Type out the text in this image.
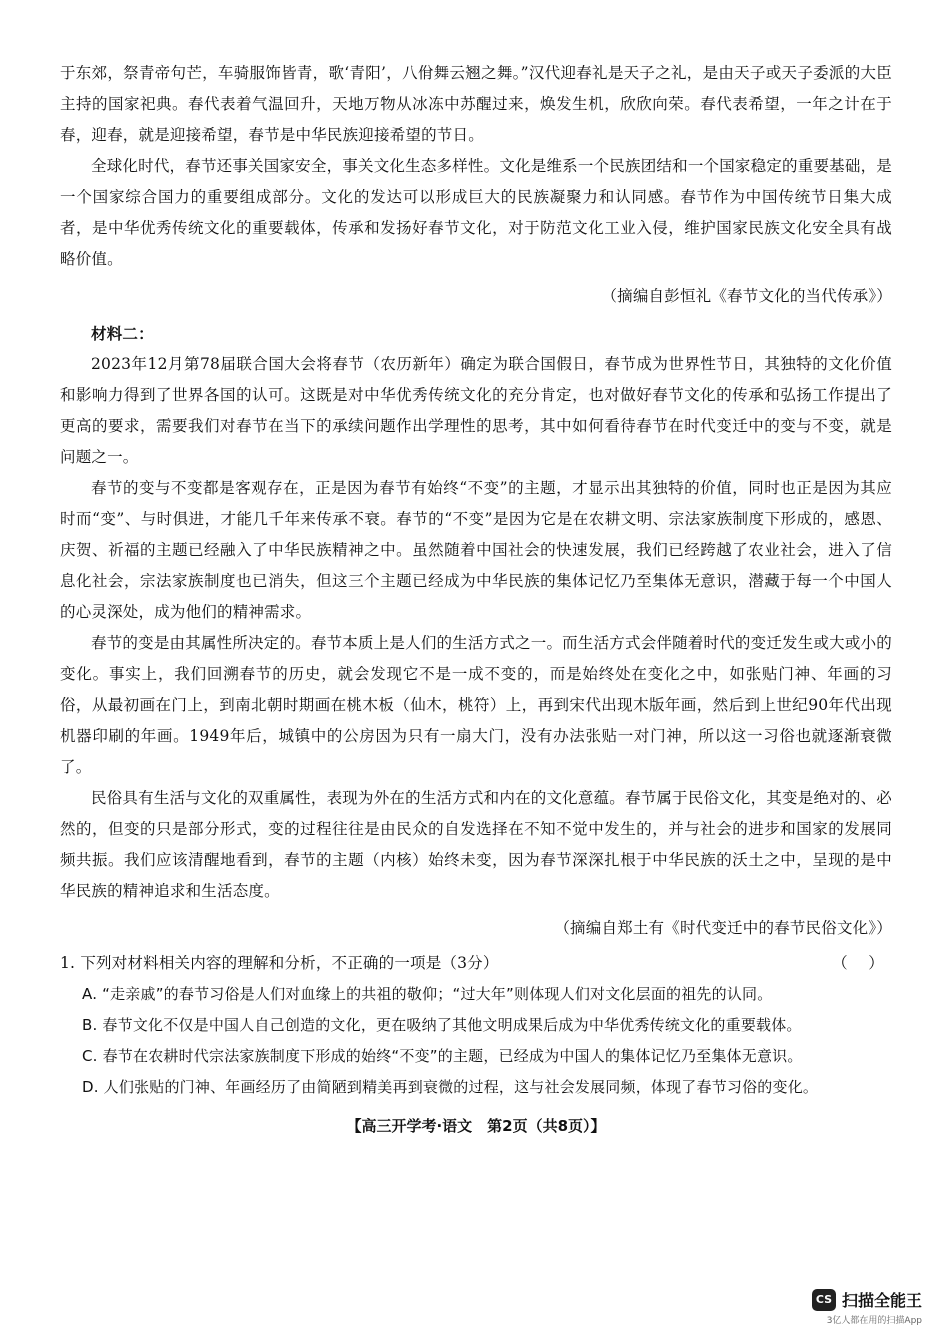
于东郊，祭青帝句芒，车骑服饰皆青，歌‘青阳’，八佾舞云翘之舞。”汉代迎春礼是天子之礼，是由天子或天子委派的大臣主持的国家祀典。春代表着气温回升，天地万物从冰冻中苏醒过来，焕发生机，欣欣向荣。春代表希望，一年之计在于春，迎春，就是迎接希望，春节是中华民族迎接希望的节日。

全球化时代，春节还事关国家安全，事关文化生态多样性。文化是维系一个民族团结和一个国家稳定的重要基础，是一个国家综合国力的重要组成部分。文化的发达可以形成巨大的民族凝聚力和认同感。春节作为中国传统节日集大成者，是中华优秀传统文化的重要载体，传承和发扬好春节文化，对于防范文化工业入侵，维护国家民族文化安全具有战略价值。

（摘编自彭恒礼《春节文化的当代传承》）

材料二：

2023年12月第78届联合国大会将春节（农历新年）确定为联合国假日，春节成为世界性节日，其独特的文化价值和影响力得到了世界各国的认可。这既是对中华优秀传统文化的充分肯定，也对做好春节文化的传承和弘扬工作提出了更高的要求，需要我们对春节在当下的承续问题作出学理性的思考，其中如何看待春节在时代变迁中的变与不变，就是问题之一。

春节的变与不变都是客观存在，正是因为春节有始终“不变”的主题，才显示出其独特的价值，同时也正是因为其应时而“变”、与时俱进，才能几千年来传承不衰。春节的“不变”是因为它是在农耕文明、宗法家族制度下形成的，感恩、庆贺、祈福的主题已经融入了中华民族精神之中。虽然随着中国社会的快速发展，我们已经跨越了农业社会，进入了信息化社会，宗法家族制度也已消失，但这三个主题已经成为中华民族的集体记忆乃至集体无意识，潜藏于每一个中国人的心灵深处，成为他们的精神需求。

春节的变是由其属性所决定的。春节本质上是人们的生活方式之一。而生活方式会伴随着时代的变迁发生或大或小的变化。事实上，我们回溯春节的历史，就会发现它不是一成不变的，而是始终处在变化之中，如张贴门神、年画的习俗，从最初画在门上，到南北朝时期画在桃木板（仙木，桃符）上，再到宋代出现木版年画，然后到上世纪90年代出现机器印刷的年画。1949年后，城镇中的公房因为只有一扇大门，没有办法张贴一对门神，所以这一习俗也就逐渐衰微了。

民俗具有生活与文化的双重属性，表现为外在的生活方式和内在的文化意蕴。春节属于民俗文化，其变是绝对的、必然的，但变的只是部分形式，变的过程往往是由民众的自发选择在不知不觉中发生的，并与社会的进步和国家的发展同频共振。我们应该清醒地看到，春节的主题（内核）始终未变，因为春节深深扎根于中华民族的沃土之中，呈现的是中华民族的精神追求和生活态度。

（摘编自郑土有《时代变迁中的春节民俗文化》）

1. 下列对材料相关内容的理解和分析，不正确的一项是（3分）	（    ）

A. “走亲戚”的春节习俗是人们对血缘上的共祖的敬仰；“过大年”则体现人们对文化层面的祖先的认同。

B. 春节文化不仅是中国人自己创造的文化，更在吸纳了其他文明成果后成为中华优秀传统文化的重要载体。

C. 春节在农耕时代宗法家族制度下形成的始终“不变”的主题，已经成为中国人的集体记忆乃至集体无意识。

D. 人们张贴的门神、年画经历了由简陋到精美再到衰微的过程，这与社会发展同频，体现了春节习俗的变化。

【高三开学考·语文　第2页（共8页）】
CS 扫描全能王
3亿人都在用的扫描App
